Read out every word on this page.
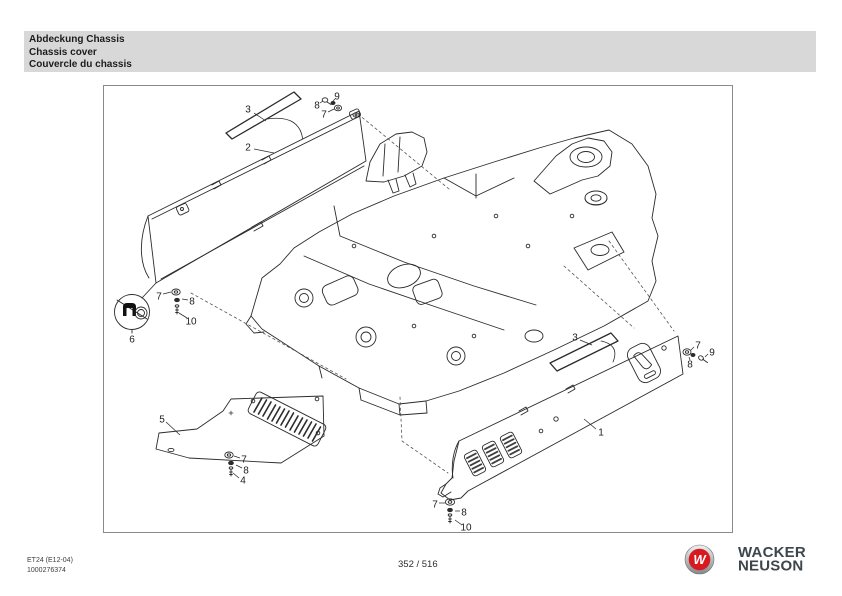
Abdeckung Chassis
Chassis cover
Couvercle du chassis
3
2
8
9
7
7	8
10
6
5
7
8
4
3
7
9
8
1
7
8
10
ET24 (E12-04)
1000276374
352 / 516	W WACKER
NEUSON
